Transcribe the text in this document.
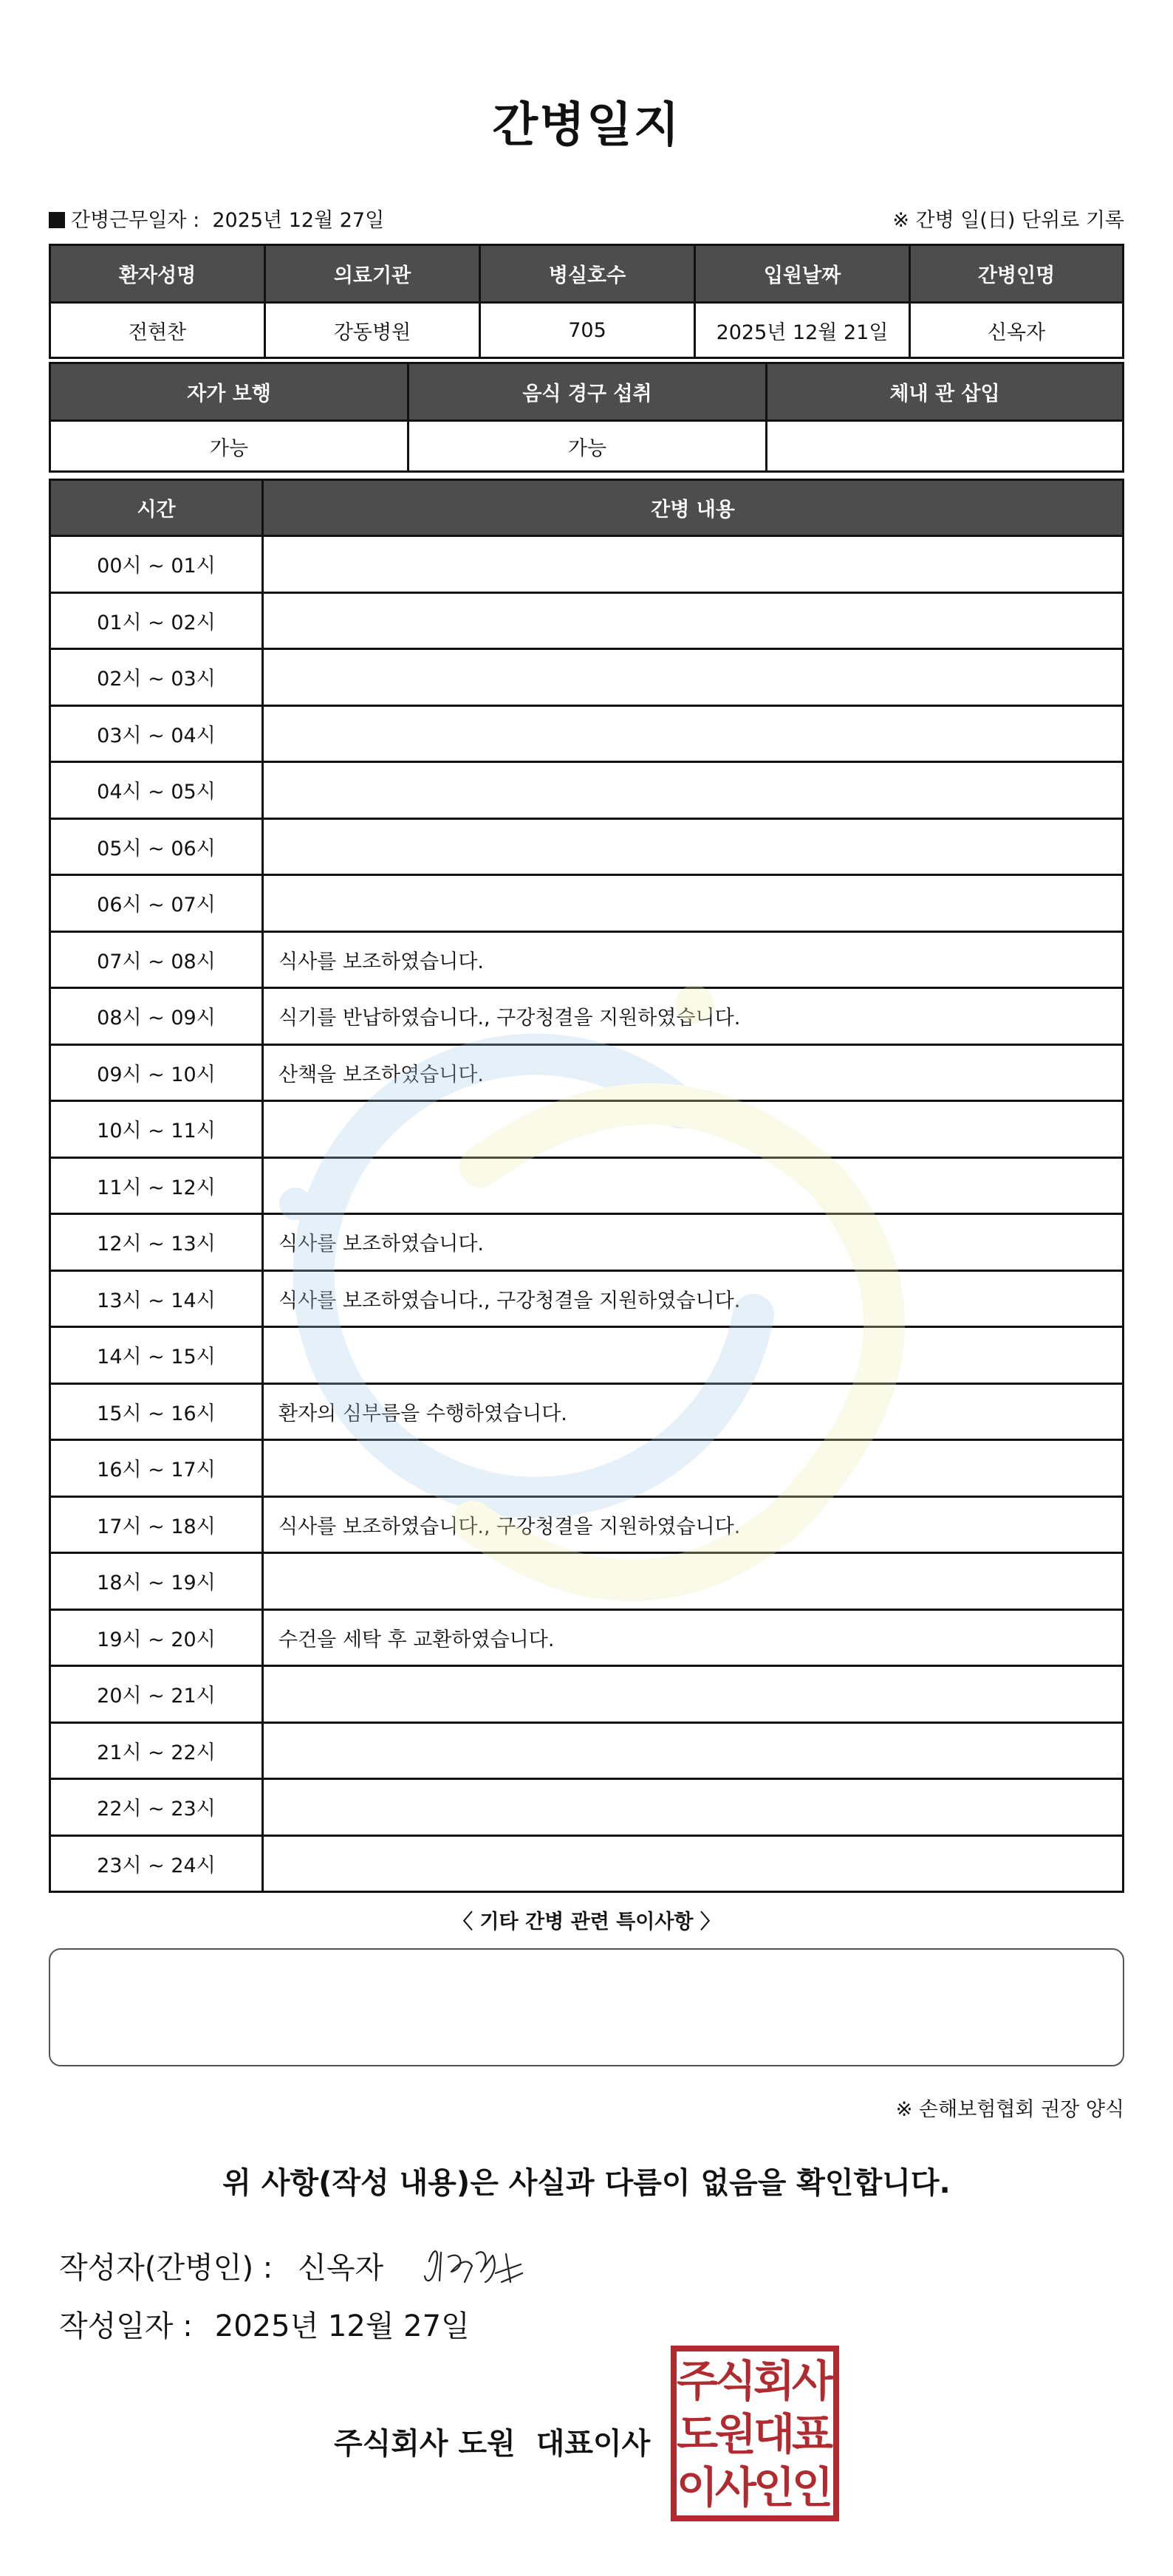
간병일지
간병근무일자 : 2025년 12월 27일	※ 간병 일(日) 단위로 기록
환자성명	의료기관	병실호수	입원날짜	간병인명
전현찬	강동병원	705	2025년 12월 21일	신옥자
자가 보행	음식 경구 섭취	체내 관 삽입
가능	가능
시간	간병 내용
00시 ~ 01시
01시 ~ 02시
02시 ~ 03시
03시 ~ 04시
04시 ~ 05시
05시 ~ 06시
06시 ~ 07시
07시 ~ 08시	식사를 보조하였습니다.
08시 ~ 09시	식기를 반납하였습니다., 구강청결을 지원하였습니다.
09시 ~ 10시	산책을 보조하였습니다.
10시 ~ 11시
11시 ~ 12시
12시 ~ 13시	식사를 보조하였습니다.
13시 ~ 14시	식사를 보조하였습니다., 구강청결을 지원하였습니다.
14시 ~ 15시
15시 ~ 16시	환자의 심부름을 수행하였습니다.
16시 ~ 17시
17시 ~ 18시	식사를 보조하였습니다., 구강청결을 지원하였습니다.
18시 ~ 19시
19시 ~ 20시	수건을 세탁 후 교환하였습니다.
20시 ~ 21시
21시 ~ 22시
22시 ~ 23시
23시 ~ 24시
〈 기타 간병 관련 특이사항 〉
※ 손해보험협회 권장 양식
위 사항(작성 내용)은 사실과 다름이 없음을 확인합니다.
작성자(간병인) : 신옥자
작성일자 : 2025년 12월 27일
주식회사 도원 대표이사
주
식
회
사
도
원
대
표
이
사
인
인
